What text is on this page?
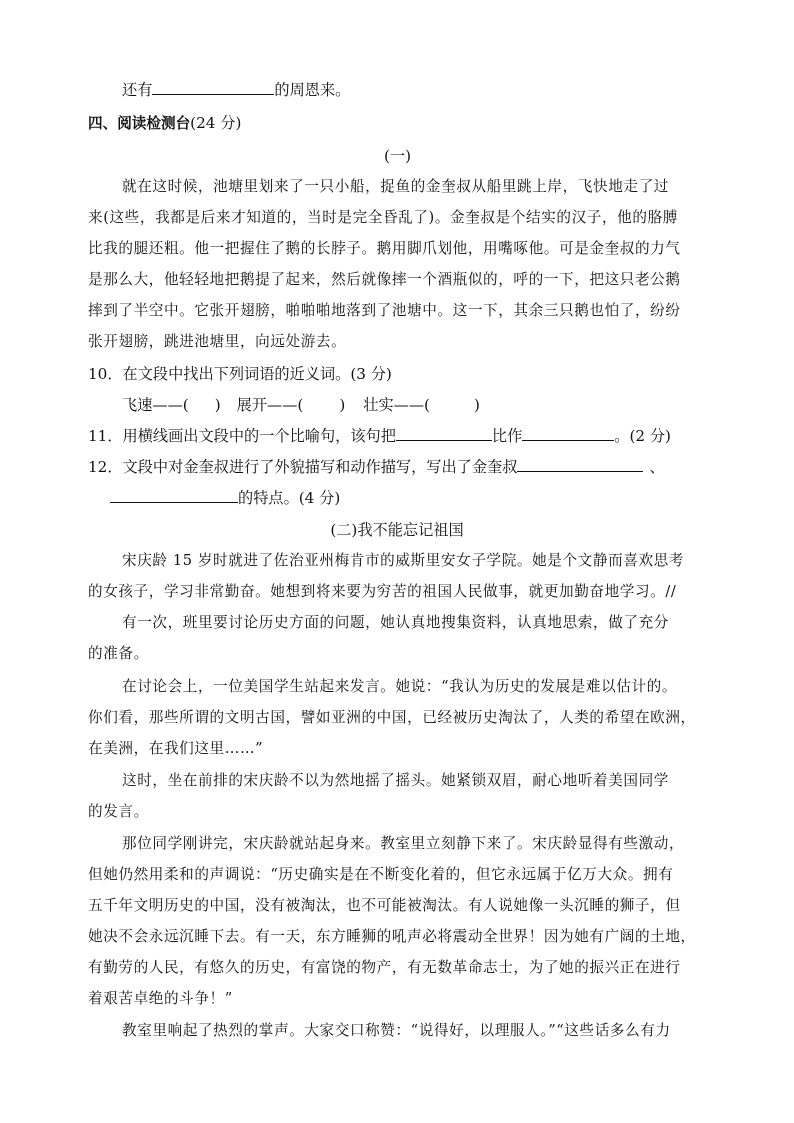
还有	的周恩来。
四、阅读检测台(24 分)
(一)
就在这时候，池塘里划来了一只小船，捉鱼的金奎叔从船里跳上岸，飞快地走了过
来(这些，我都是后来才知道的，当时是完全昏乱了)。金奎叔是个结实的汉子，他的胳膊
比我的腿还粗。他一把握住了鹅的长脖子。鹅用脚爪划他，用嘴啄他。可是金奎叔的力气
是那么大，他轻轻地把鹅提了起来，然后就像摔一个酒瓶似的，呼的一下，把这只老公鹅
摔到了半空中。它张开翅膀，啪啪啪地落到了池塘中。这一下，其余三只鹅也怕了，纷纷
张开翅膀，跳进池塘里，向远处游去。
10．在文段中找出下列词语的近义词。(3 分)
飞速——( ) 展开——( ) 壮实——(	)
11．用横线画出文段中的一个比喻句，该句把	比作	。(2 分)
12．文段中对金奎叔进行了外貌描写和动作描写，写出了金奎叔	、
的特点。(4 分)
(二)我不能忘记祖国
宋庆龄 15 岁时就进了佐治亚州梅肯市的威斯里安女子学院。她是个文静而喜欢思考
的女孩子，学习非常勤奋。她想到将来要为穷苦的祖国人民做事，就更加勤奋地学习。//
有一次，班里要讨论历史方面的问题，她认真地搜集资料，认真地思索，做了充分
的准备。
在讨论会上，一位美国学生站起来发言。她说：“我认为历史的发展是难以估计的。
你们看，那些所谓的文明古国，譬如亚洲的中国，已经被历史淘汰了，人类的希望在欧洲，
在美洲，在我们这里……”
这时，坐在前排的宋庆龄不以为然地摇了摇头。她紧锁双眉，耐心地听着美国同学
的发言。
那位同学刚讲完，宋庆龄就站起身来。教室里立刻静下来了。宋庆龄显得有些激动，
但她仍然用柔和的声调说：“历史确实是在不断变化着的，但它永远属于亿万大众。拥有
五千年文明历史的中国，没有被淘汰，也不可能被淘汰。有人说她像一头沉睡的狮子，但
她决不会永远沉睡下去。有一天，东方睡狮的吼声必将震动全世界！因为她有广阔的土地，
有勤劳的人民，有悠久的历史，有富饶的物产，有无数革命志士，为了她的振兴正在进行
着艰苦卓绝的斗争！”
教室里响起了热烈的掌声。大家交口称赞：“说得好，以理服人。”“这些话多么有力
